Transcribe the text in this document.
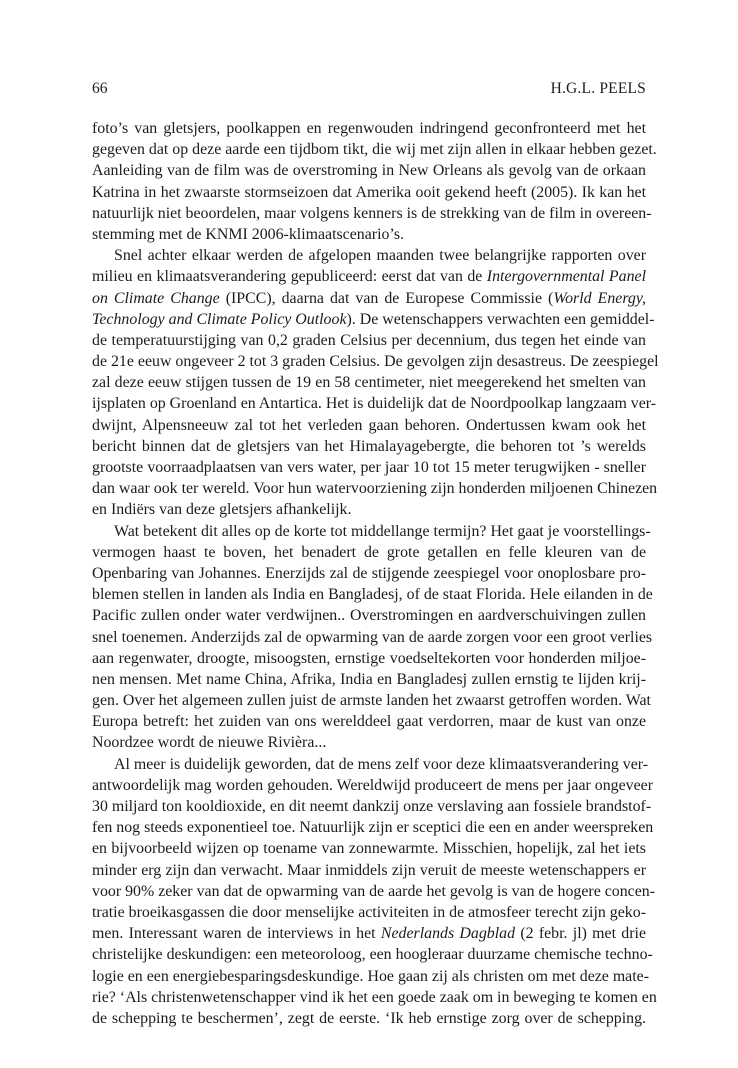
66	H.G.L. PEELS
foto’s van gletsjers, poolkappen en regenwouden indringend geconfronteerd met het
gegeven dat op deze aarde een tijdbom tikt, die wij met zijn allen in elkaar hebben gezet.
Aanleiding van de film was de overstroming in New Orleans als gevolg van de orkaan
Katrina in het zwaarste stormseizoen dat Amerika ooit gekend heeft (2005). Ik kan het
natuurlijk niet beoordelen, maar volgens kenners is de strekking van de film in overeen-
stemming met de KNMI 2006-klimaatscenario’s.
Snel achter elkaar werden de afgelopen maanden twee belangrijke rapporten over
milieu en klimaatsverandering gepubliceerd: eerst dat van de Intergovernmental Panel
on Climate Change (IPCC), daarna dat van de Europese Commissie (World Energy,
Technology and Climate Policy Outlook). De wetenschappers verwachten een gemiddel-
de temperatuurstijging van 0,2 graden Celsius per decennium, dus tegen het einde van
de 21e eeuw ongeveer 2 tot 3 graden Celsius. De gevolgen zijn desastreus. De zeespiegel
zal deze eeuw stijgen tussen de 19 en 58 centimeter, niet meegerekend het smelten van
ijsplaten op Groenland en Antartica. Het is duidelijk dat de Noordpoolkap langzaam ver-
dwijnt, Alpensneeuw zal tot het verleden gaan behoren. Ondertussen kwam ook het
bericht binnen dat de gletsjers van het Himalayagebergte, die behoren tot ’s werelds
grootste voorraadplaatsen van vers water, per jaar 10 tot 15 meter terugwijken - sneller
dan waar ook ter wereld. Voor hun watervoorziening zijn honderden miljoenen Chinezen
en Indiërs van deze gletsjers afhankelijk.
Wat betekent dit alles op de korte tot middellange termijn? Het gaat je voorstellings-
vermogen haast te boven, het benadert de grote getallen en felle kleuren van de
Openbaring van Johannes. Enerzijds zal de stijgende zeespiegel voor onoplosbare pro-
blemen stellen in landen als India en Bangladesj, of de staat Florida. Hele eilanden in de
Pacific zullen onder water verdwijnen.. Overstromingen en aardverschuivingen zullen
snel toenemen. Anderzijds zal de opwarming van de aarde zorgen voor een groot verlies
aan regenwater, droogte, misoogsten, ernstige voedseltekorten voor honderden miljoe-
nen mensen. Met name China, Afrika, India en Bangladesj zullen ernstig te lijden krij-
gen. Over het algemeen zullen juist de armste landen het zwaarst getroffen worden. Wat
Europa betreft: het zuiden van ons werelddeel gaat verdorren, maar de kust van onze
Noordzee wordt de nieuwe Rivièra...
Al meer is duidelijk geworden, dat de mens zelf voor deze klimaatsverandering ver-
antwoordelijk mag worden gehouden. Wereldwijd produceert de mens per jaar ongeveer
30 miljard ton kooldioxide, en dit neemt dankzij onze verslaving aan fossiele brandstof-
fen nog steeds exponentieel toe. Natuurlijk zijn er sceptici die een en ander weerspreken
en bijvoorbeeld wijzen op toename van zonnewarmte. Misschien, hopelijk, zal het iets
minder erg zijn dan verwacht. Maar inmiddels zijn veruit de meeste wetenschappers er
voor 90% zeker van dat de opwarming van de aarde het gevolg is van de hogere concen-
tratie broeikasgassen die door menselijke activiteiten in de atmosfeer terecht zijn geko-
men. Interessant waren de interviews in het Nederlands Dagblad (2 febr. jl) met drie
christelijke deskundigen: een meteoroloog, een hoogleraar duurzame chemische techno-
logie en een energiebesparingsdeskundige. Hoe gaan zij als christen om met deze mate-
rie? ‘Als christenwetenschapper vind ik het een goede zaak om in beweging te komen en
de schepping te beschermen’, zegt de eerste. ‘Ik heb ernstige zorg over de schepping.
